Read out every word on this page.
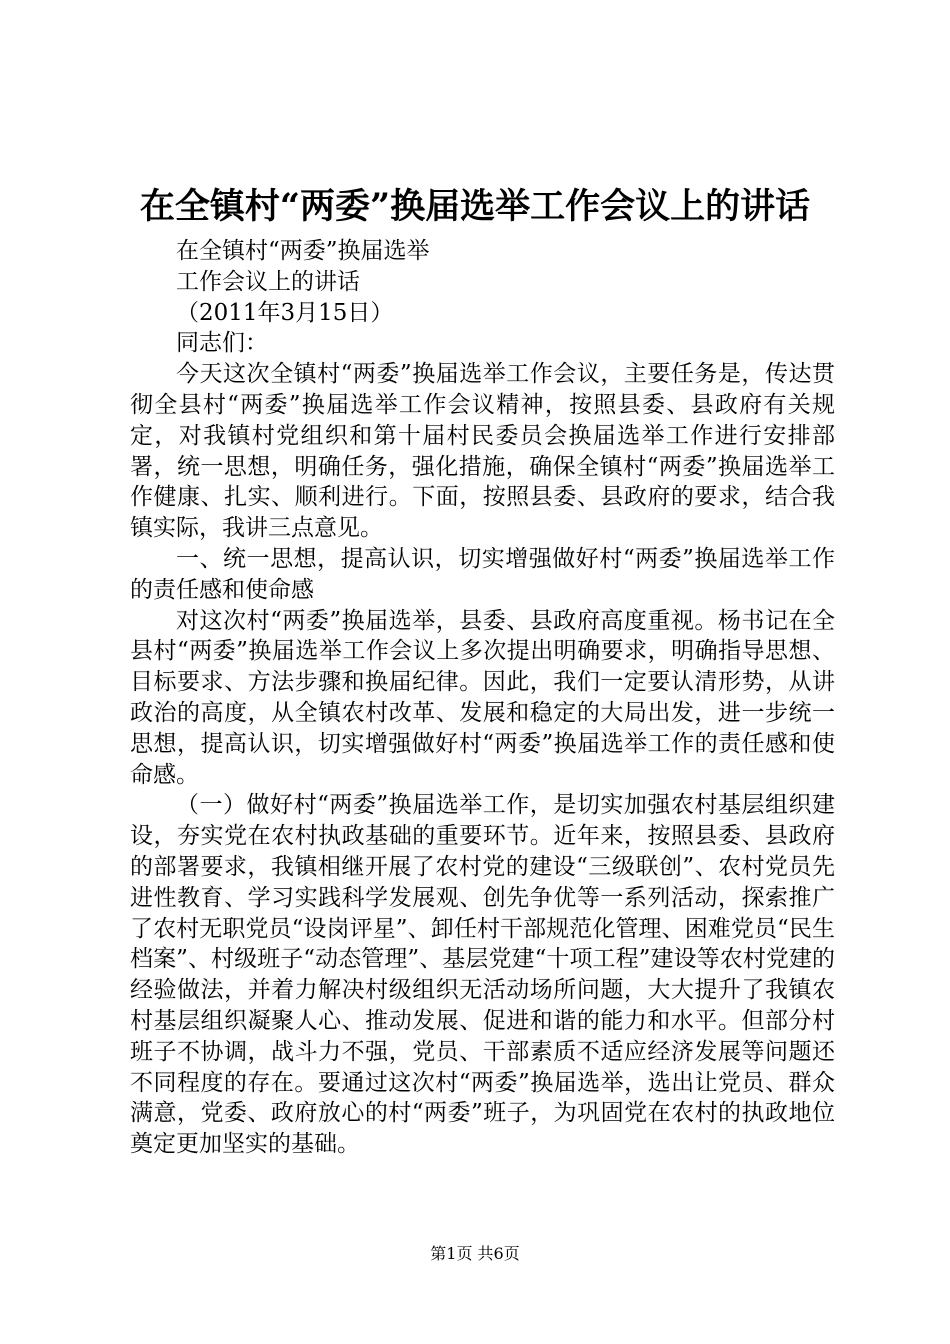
在全镇村“两委”换届选举工作会议上的讲话

在全镇村“两委”换届选举

工作会议上的讲话

（2011年3月15日）

同志们：

今天这次全镇村“两委”换届选举工作会议，主要任务是，传达贯彻全县村“两委”换届选举工作会议精神，按照县委、县政府有关规定，对我镇村党组织和第十届村民委员会换届选举工作进行安排部署，统一思想，明确任务，强化措施，确保全镇村“两委”换届选举工作健康、扎实、顺利进行。下面，按照县委、县政府的要求，结合我镇实际，我讲三点意见。

一、统一思想，提高认识，切实增强做好村“两委”换届选举工作的责任感和使命感

对这次村“两委”换届选举，县委、县政府高度重视。杨书记在全县村“两委”换届选举工作会议上多次提出明确要求，明确指导思想、目标要求、方法步骤和换届纪律。因此，我们一定要认清形势，从讲政治的高度，从全镇农村改革、发展和稳定的大局出发，进一步统一思想，提高认识，切实增强做好村“两委”换届选举工作的责任感和使命感。

（一）做好村“两委”换届选举工作，是切实加强农村基层组织建设，夯实党在农村执政基础的重要环节。近年来，按照县委、县政府的部署要求，我镇相继开展了农村党的建设“三级联创”、农村党员先进性教育、学习实践科学发展观、创先争优等一系列活动，探索推广了农村无职党员“设岗评星”、卸任村干部规范化管理、困难党员“民生档案”、村级班子“动态管理”、基层党建“十项工程”建设等农村党建的经验做法，并着力解决村级组织无活动场所问题，大大提升了我镇农村基层组织凝聚人心、推动发展、促进和谐的能力和水平。但部分村班子不协调，战斗力不强，党员、干部素质不适应经济发展等问题还不同程度的存在。要通过这次村“两委”换届选举，选出让党员、群众满意，党委、政府放心的村“两委”班子，为巩固党在农村的执政地位奠定更加坚实的基础。

第1页 共6页
